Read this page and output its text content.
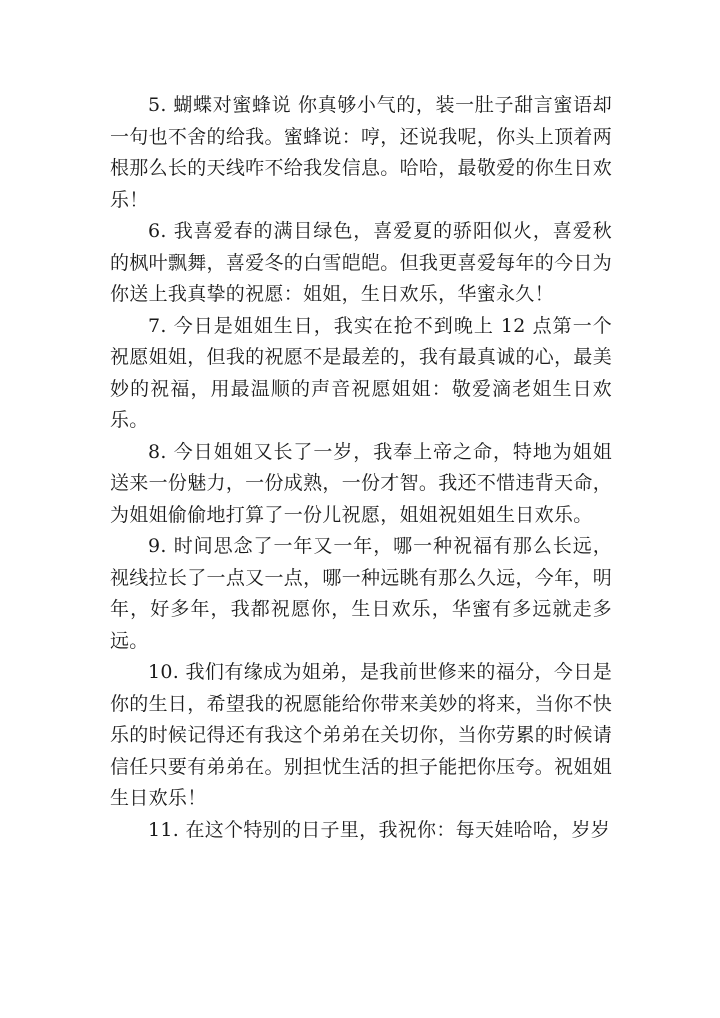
5. 蝴蝶对蜜蜂说 你真够小气的，装一肚子甜言蜜语却一句也不舍的给我。蜜蜂说：哼，还说我呢，你头上顶着两根那么长的天线咋不给我发信息。哈哈，最敬爱的你生日欢乐！

6. 我喜爱春的满目绿色，喜爱夏的骄阳似火，喜爱秋的枫叶飘舞，喜爱冬的白雪皑皑。但我更喜爱每年的今日为你送上我真挚的祝愿：姐姐，生日欢乐，华蜜永久！

7. 今日是姐姐生日，我实在抢不到晚上 12 点第一个祝愿姐姐，但我的祝愿不是最差的，我有最真诚的心，最美妙的祝福，用最温顺的声音祝愿姐姐：敬爱滴老姐生日欢乐。

8. 今日姐姐又长了一岁，我奉上帝之命，特地为姐姐送来一份魅力，一份成熟，一份才智。我还不惜违背天命，为姐姐偷偷地打算了一份儿祝愿，姐姐祝姐姐生日欢乐。

9. 时间思念了一年又一年，哪一种祝福有那么长远，视线拉长了一点又一点，哪一种远眺有那么久远，今年，明年，好多年，我都祝愿你，生日欢乐，华蜜有多远就走多远。

10. 我们有缘成为姐弟，是我前世修来的福分，今日是你的生日，希望我的祝愿能给你带来美妙的将来，当你不快乐的时候记得还有我这个弟弟在关切你，当你劳累的时候请信任只要有弟弟在。别担忧生活的担子能把你压夸。祝姐姐生日欢乐！

11. 在这个特别的日子里，我祝你：每天娃哈哈，岁岁
